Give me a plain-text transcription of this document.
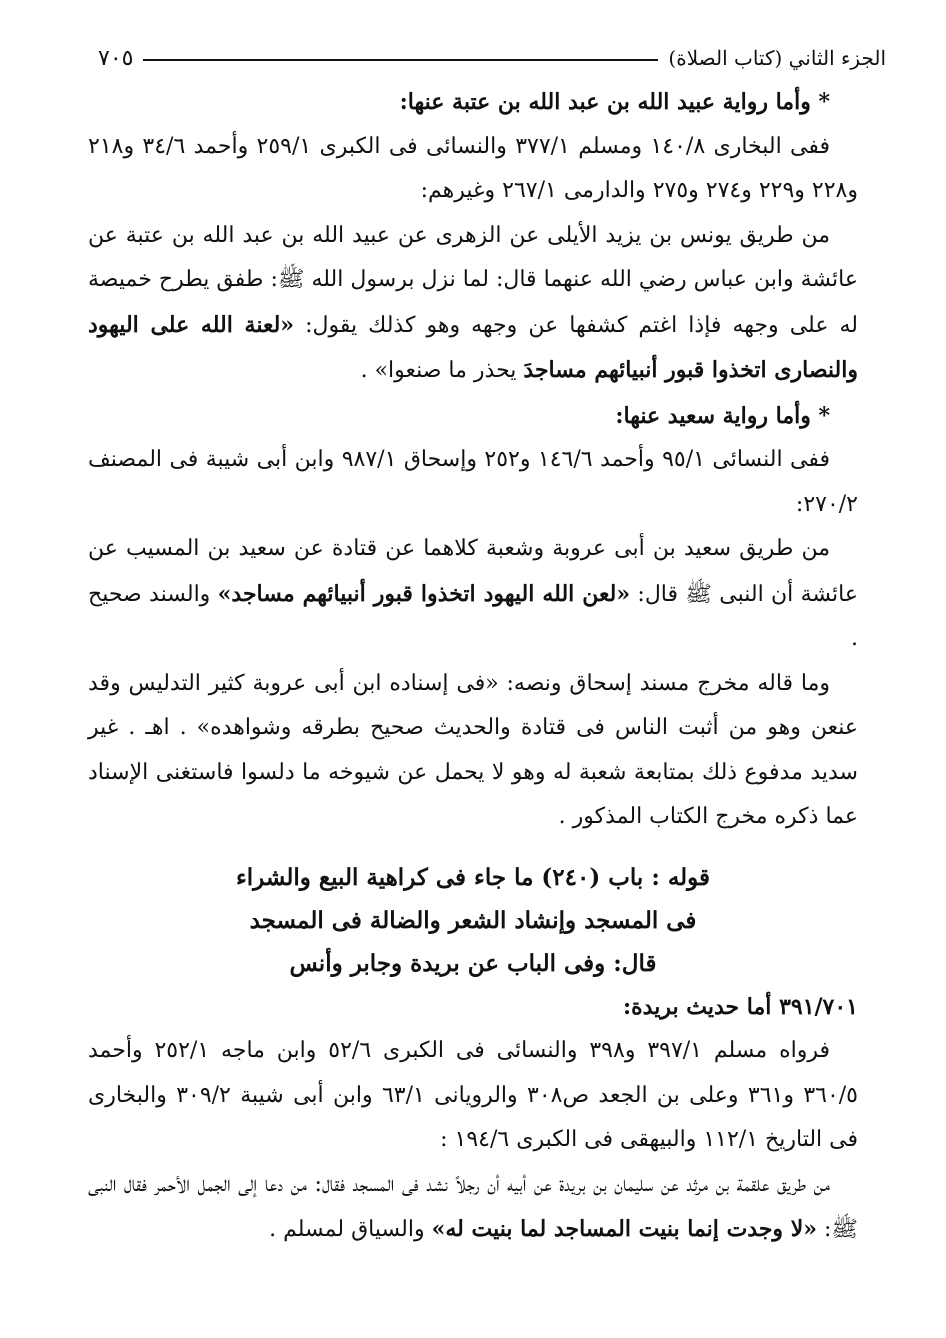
الجزء الثاني (كتاب الصلاة)
٧٠٥

* وأما رواية عبيد الله بن عبد الله بن عتبة عنها:

ففى البخارى ١٤٠/٨ ومسلم ٣٧٧/١ والنسائى فى الكبرى ٢٥٩/١ وأحمد ٣٤/٦ و٢١٨ و٢٢٨ و٢٢٩ و٢٧٤ و٢٧٥ والدارمى ٢٦٧/١ وغيرهم:

من طريق يونس بن يزيد الأيلى عن الزهرى عن عبيد الله بن عبد الله بن عتبة عن عائشة وابن عباس رضي الله عنهما قال: لما نزل برسول الله ﷺ: طفق يطرح خميصة له على وجهه فإذا اغتم كشفها عن وجهه وهو كذلك يقول: «لعنة الله على اليهود والنصارى اتخذوا قبور أنبيائهم مساجدَ يحذر ما صنعوا» .

* وأما رواية سعيد عنها:

ففى النسائى ٩٥/١ وأحمد ١٤٦/٦ و٢٥٢ وإسحاق ٩٨٧/١ وابن أبى شيبة فى المصنف ٢٧٠/٢:

من طريق سعيد بن أبى عروبة وشعبة كلاهما عن قتادة عن سعيد بن المسيب عن عائشة أن النبى ﷺ قال: «لعن الله اليهود اتخذوا قبور أنبيائهم مساجد» والسند صحيح .

وما قاله مخرج مسند إسحاق ونصه: «فى إسناده ابن أبى عروبة كثير التدليس وقد عنعن وهو من أثبت الناس فى قتادة والحديث صحيح بطرقه وشواهده» . اهـ . غير سديد مدفوع ذلك بمتابعة شعبة له وهو لا يحمل عن شيوخه ما دلسوا فاستغنى الإسناد عما ذكره مخرج الكتاب المذكور .

قوله : باب (٢٤٠) ما جاء فى كراهية البيع والشراء

فى المسجد وإنشاد الشعر والضالة فى المسجد

قال: وفى الباب عن بريدة وجابر وأنس

٣٩١/٧٠١ أما حديث بريدة:

فرواه مسلم ٣٩٧/١ و٣٩٨ والنسائى فى الكبرى ٥٢/٦ وابن ماجه ٢٥٢/١ وأحمد ٣٦٠/٥ و٣٦١ وعلى بن الجعد ص٣٠٨ والرويانى ٦٣/١ وابن أبى شيبة ٣٠٩/٢ والبخارى فى التاريخ ١١٢/١ والبيهقى فى الكبرى ١٩٤/٦ :

من طريق علقمة بن مرثد عن سليمان بن بريدة عن أبيه أن رجلاً نشد فى المسجد فقال: من دعا إلى الجمل الأحمر فقال النبى ﷺ: «لا وجدت إنما بنيت المساجد لما بنيت له» والسياق لمسلم .
